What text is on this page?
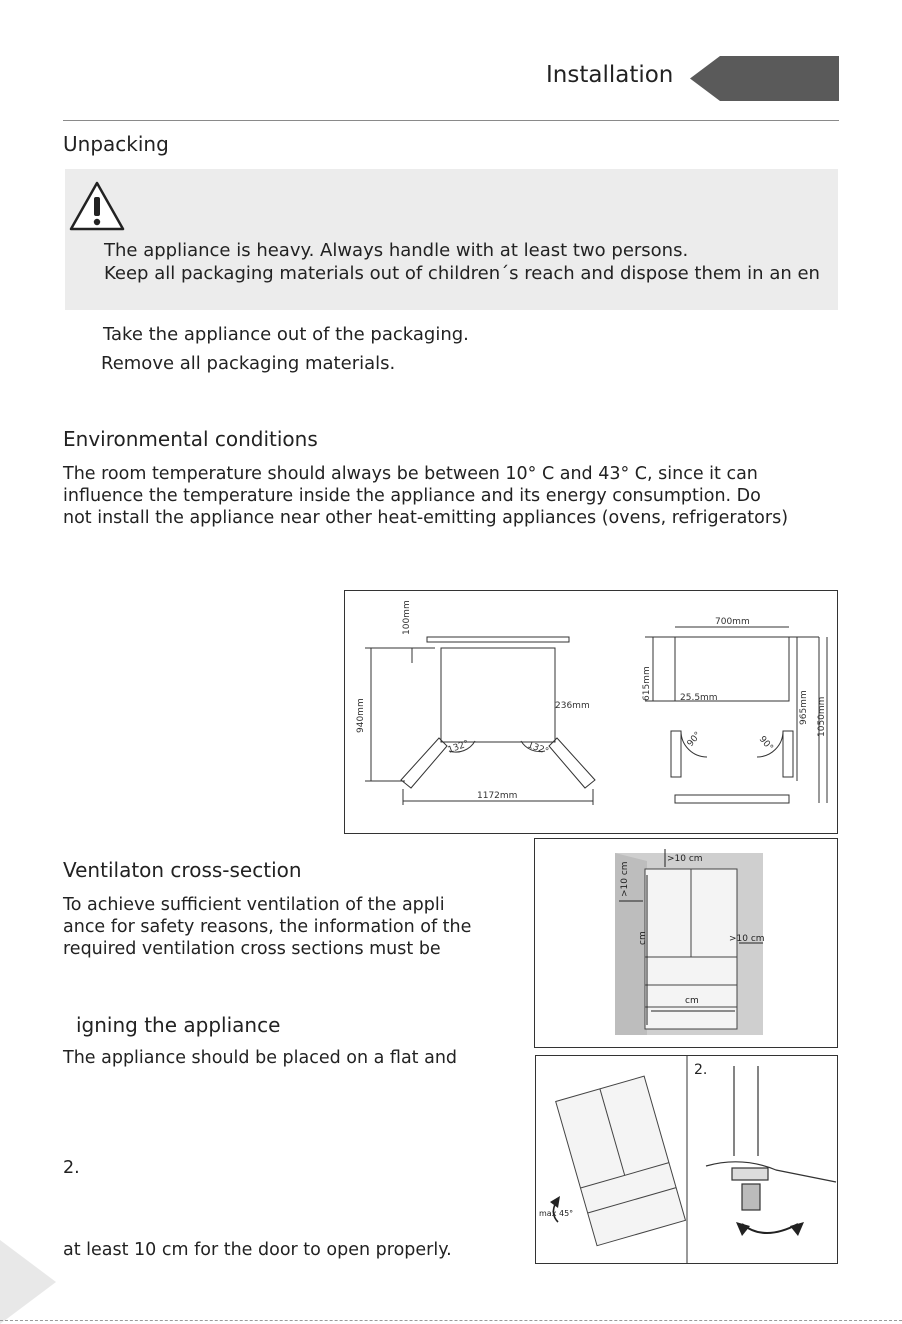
Installation
Unpacking
The appliance is heavy. Always handle with at least two persons.
Keep all packaging materials out of children´s reach and dispose them in an en
Take the appliance out of the packaging.
Remove all packaging materials.
Environmental conditions
The room temperature should always be between 10° C and 43° C, since it can
influence the temperature inside the appliance and its energy consumption. Do
not install the appliance near other heat-emitting appliances (ovens, refrigerators)
100mm
940mm	236mm
132°	132°
1172mm
700mm
615mm	25.5mm
90°	90°
965mm 1050mm
Ventilaton cross-section
To achieve sufficient ventilation of the appli
ance for safety reasons, the information of the
required ventilation cross sections must be
>10 cm
>10 cm
>10 cm
cm
cm
igning the appliance
The appliance should be placed on a flat and
2.
at least 10 cm for the door to open properly.
max 45°
2.
